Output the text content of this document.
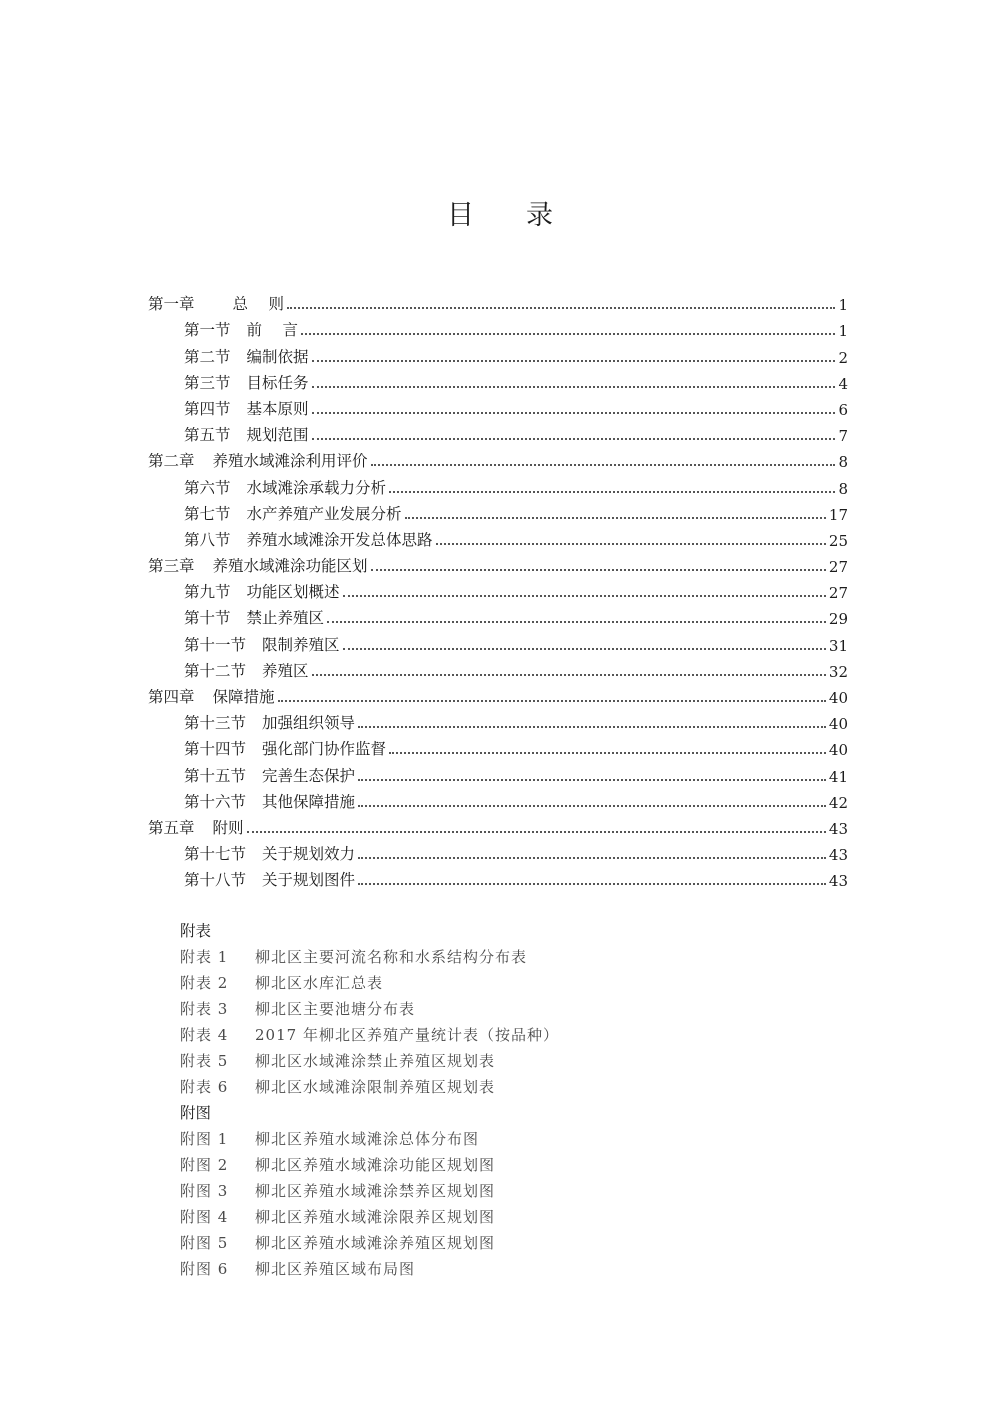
目 录
第一章 总　 则	1
第一节 前　 言	1
第二节 编制依据	2
第三节 目标任务	4
第四节 基本原则	6
第五节 规划范围	7
第二章 养殖水域滩涂利用评价	8
第六节 水域滩涂承载力分析	8
第七节 水产养殖产业发展分析	17
第八节 养殖水域滩涂开发总体思路	25
第三章 养殖水域滩涂功能区划	27
第九节 功能区划概述	27
第十节 禁止养殖区	29
第十一节 限制养殖区	31
第十二节 养殖区	32
第四章 保障措施	40
第十三节 加强组织领导	40
第十四节 强化部门协作监督	40
第十五节 完善生态保护	41
第十六节 其他保障措施	42
第五章 附则	43
第十七节 关于规划效力	43
第十八节 关于规划图件	43
附表
附表 1 柳北区主要河流名称和水系结构分布表
附表 2 柳北区水库汇总表
附表 3 柳北区主要池塘分布表
附表 4 2017 年柳北区养殖产量统计表（按品种）
附表 5 柳北区水域滩涂禁止养殖区规划表
附表 6 柳北区水域滩涂限制养殖区规划表
附图
附图 1 柳北区养殖水域滩涂总体分布图
附图 2 柳北区养殖水域滩涂功能区规划图
附图 3 柳北区养殖水域滩涂禁养区规划图
附图 4 柳北区养殖水域滩涂限养区规划图
附图 5 柳北区养殖水域滩涂养殖区规划图
附图 6 柳北区养殖区域布局图
